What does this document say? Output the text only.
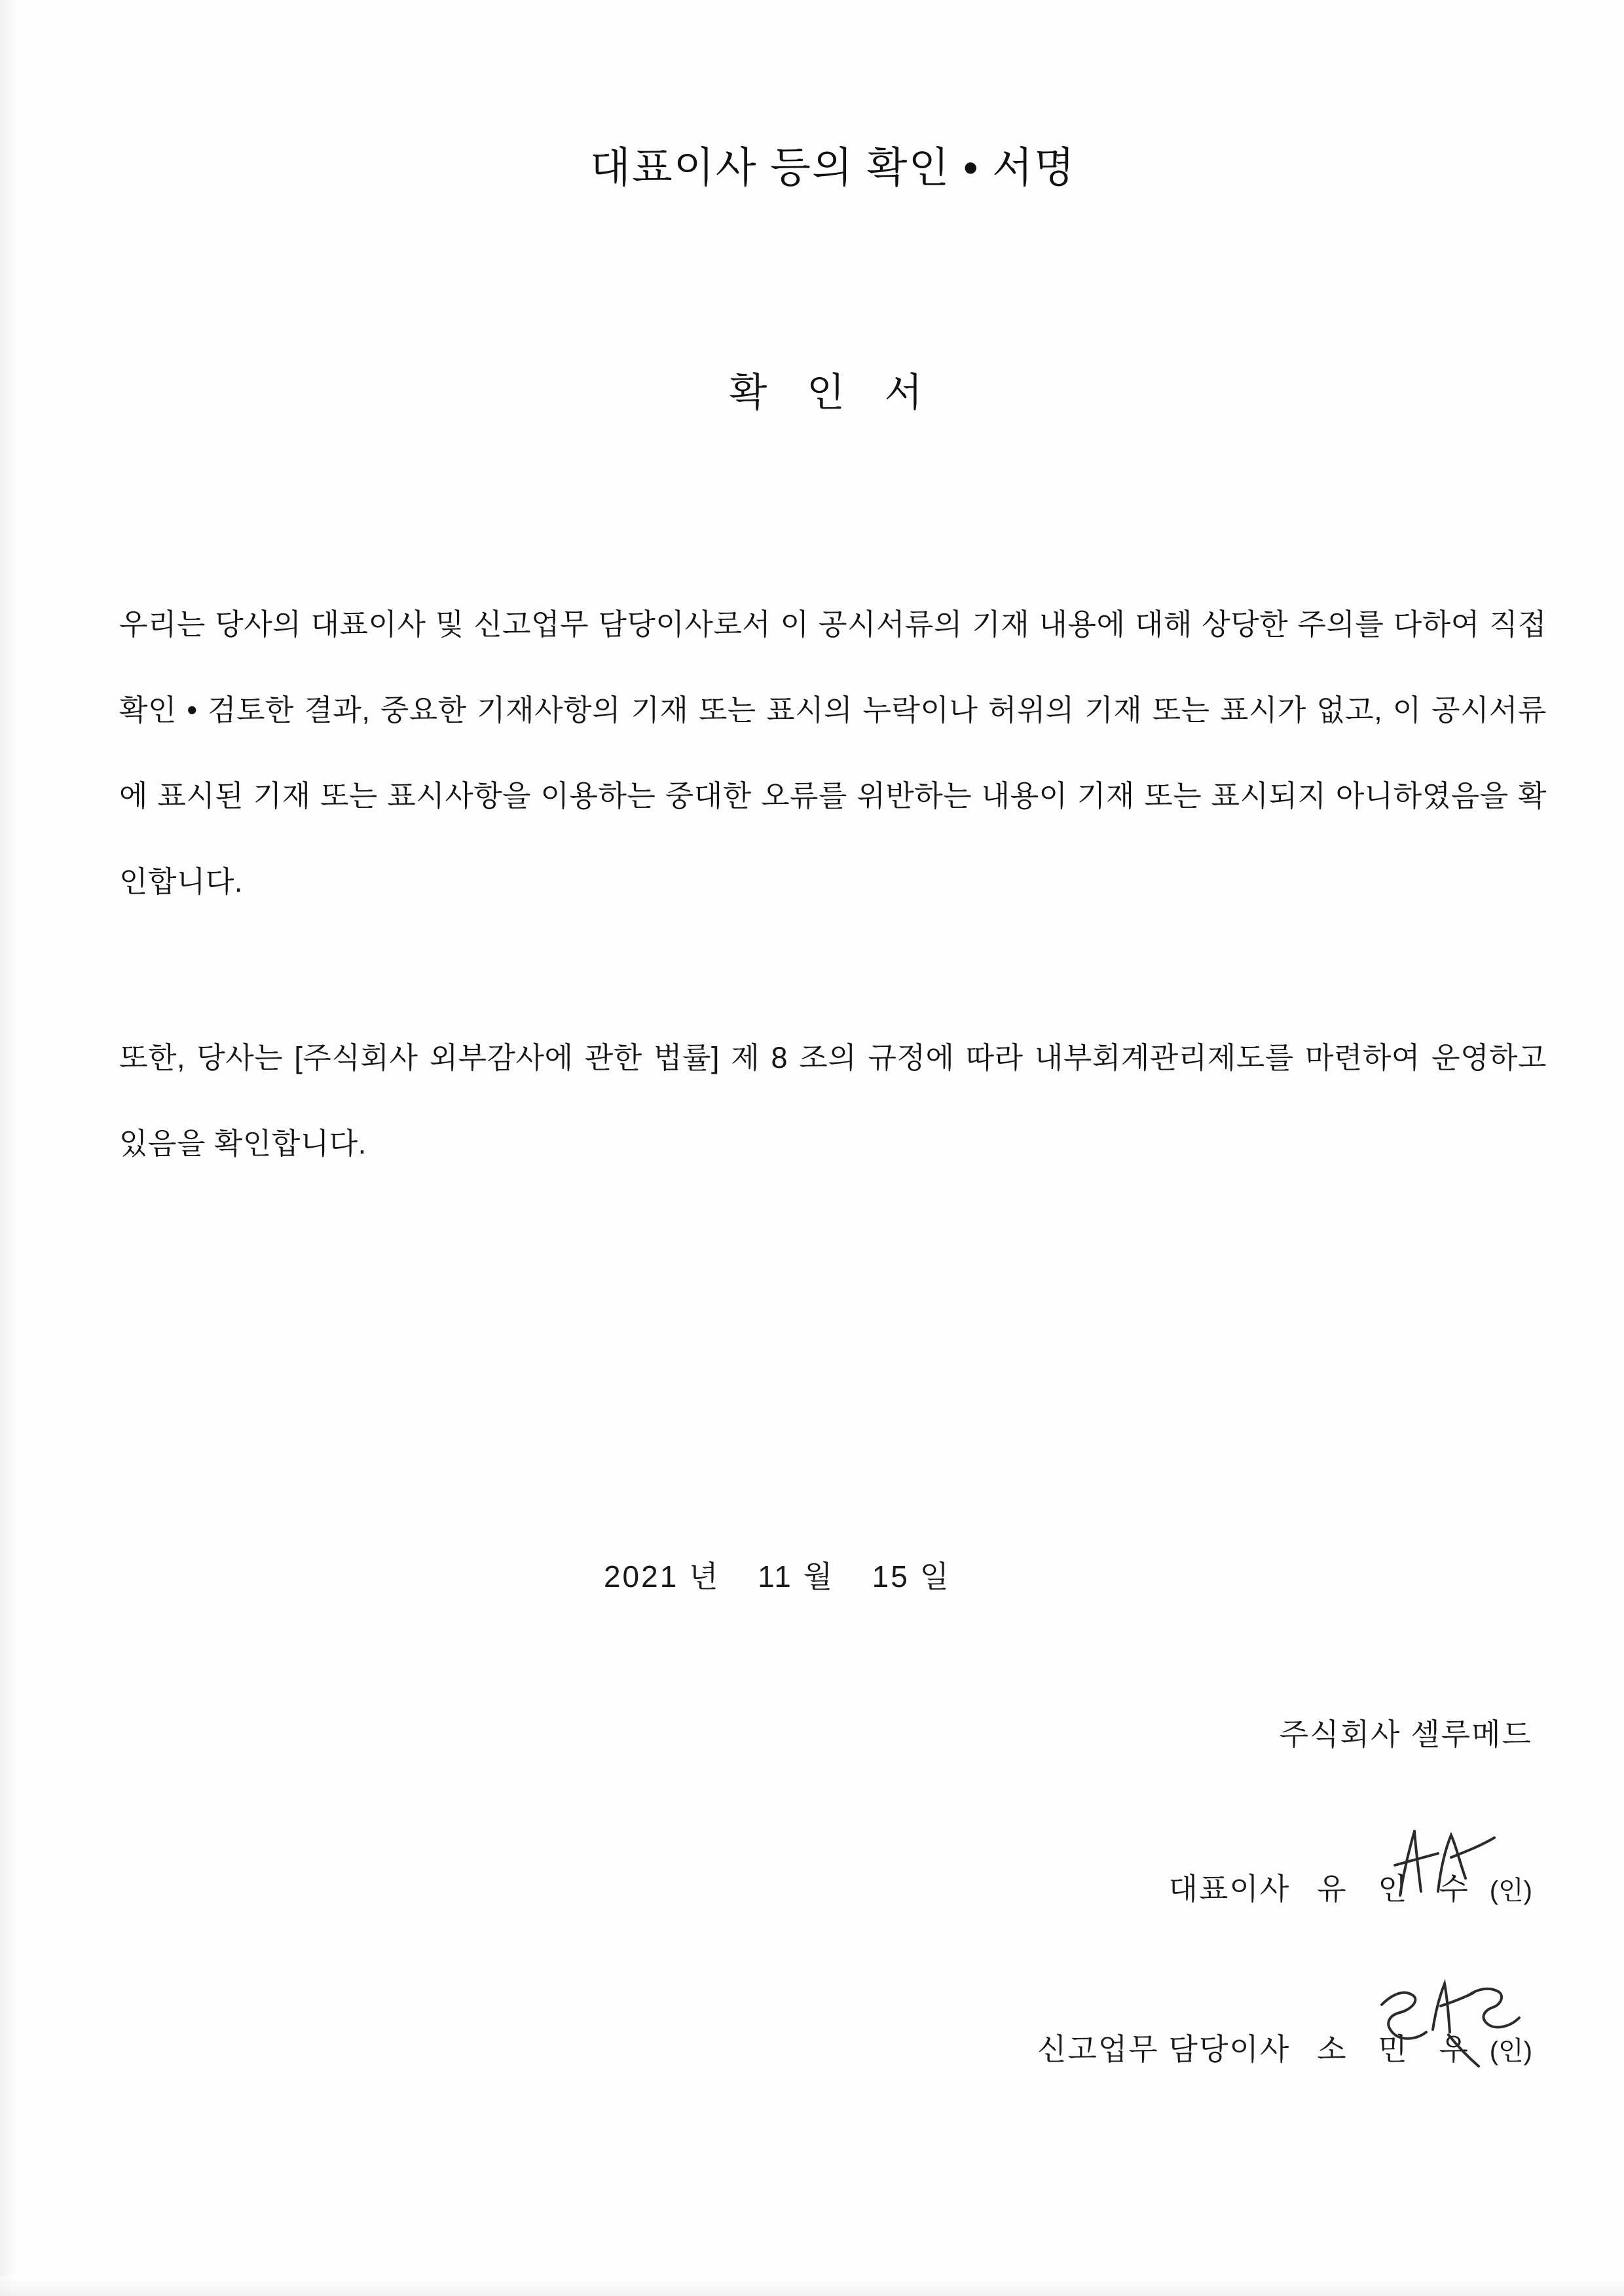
대표이사 등의 확인 • 서명
확 인 서

우리는 당사의 대표이사 및 신고업무 담당이사로서 이 공시서류의 기재 내용에 대해 상당한 주의를 다하여 직접 확인 • 검토한 결과, 중요한 기재사항의 기재 또는 표시의 누락이나 허위의 기재 또는 표시가 없고, 이 공시서류에 표시된 기재 또는 표시사항을 이용하는 중대한 오류를 위반하는 내용이 기재 또는 표시되지 아니하였음을 확인합니다.

또한, 당사는 [주식회사 외부감사에 관한 법률] 제 8 조의 규정에 따라 내부회계관리제도를 마련하여 운영하고 있음을 확인합니다.

2021 년 11 월 15 일
주식회사 셀루메드
대표이사 유 인 수 (인)
신고업무 담당이사 소 민 우 (인)
